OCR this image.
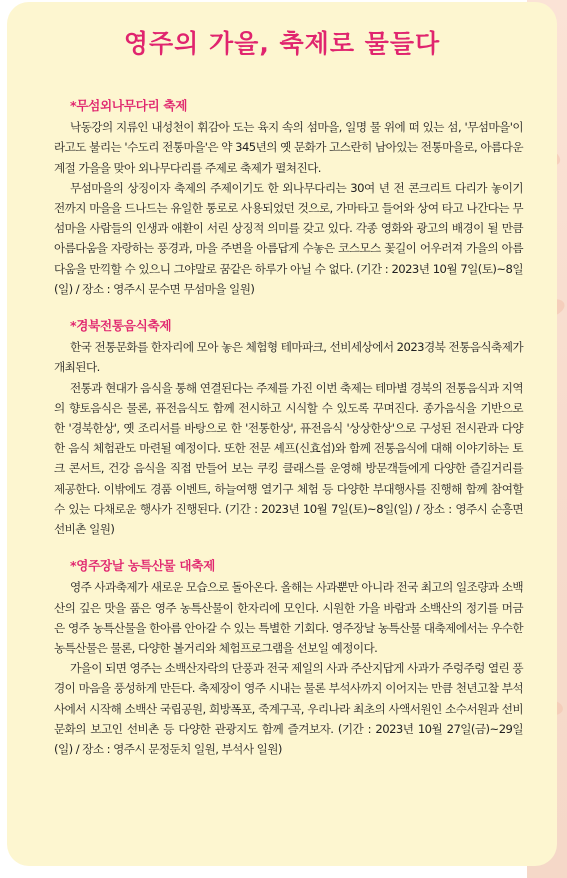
영주의 가을, 축제로 물들다
*무섬외나무다리 축제

낙동강의 지류인 내성천이 휘감아 도는 육지 속의 섬마을, 일명 물 위에 떠 있는 섬, '무섬마을'이라고도 불리는 '수도리 전통마을'은 약 345년의 옛 문화가 고스란히 남아있는 전통마을로, 아름다운 계절 가을을 맞아 외나무다리를 주제로 축제가 펼쳐진다.

무섬마을의 상징이자 축제의 주제이기도 한 외나무다리는 30여 년 전 콘크리트 다리가 놓이기 전까지 마을을 드나드는 유일한 통로로 사용되었던 것으로, 가마타고 들어와 상여 타고 나간다는 무섬마을 사람들의 인생과 애환이 서린 상징적 의미를 갖고 있다. 각종 영화와 광고의 배경이 될 만큼 아름다움을 자랑하는 풍경과, 마을 주변을 아름답게 수놓은 코스모스 꽃길이 어우러져 가을의 아름다움을 만끽할 수 있으니 그야말로 꿈같은 하루가 아닐 수 없다. (기간 : 2023년 10월 7일(토)~8일(일) / 장소 : 영주시 문수면 무섬마을 일원)

*경북전통음식축제

한국 전통문화를 한자리에 모아 놓은 체험형 테마파크, 선비세상에서 2023경북 전통음식축제가 개최된다.

전통과 현대가 음식을 통해 연결된다는 주제를 가진 이번 축제는 테마별 경북의 전통음식과 지역의 향토음식은 물론, 퓨전음식도 함께 전시하고 시식할 수 있도록 꾸며진다. 종가음식을 기반으로 한 '경북한상', 옛 조리서를 바탕으로 한 '전통한상', 퓨전음식 '상상한상'으로 구성된 전시관과 다양한 음식 체험관도 마련될 예정이다. 또한 전문 셰프(신효섭)와 함께 전통음식에 대해 이야기하는 토크 콘서트, 건강 음식을 직접 만들어 보는 쿠킹 클래스를 운영해 방문객들에게 다양한 즐길거리를 제공한다. 이밖에도 경품 이벤트, 하늘여행 열기구 체험 등 다양한 부대행사를 진행해 함께 참여할 수 있는 다채로운 행사가 진행된다. (기간 : 2023년 10월 7일(토)~8일(일) / 장소 : 영주시 순흥면 선비촌 일원)

*영주장날 농특산물 대축제

영주 사과축제가 새로운 모습으로 돌아온다. 올해는 사과뿐만 아니라 전국 최고의 일조량과 소백산의 깊은 맛을 품은 영주 농특산물이 한자리에 모인다. 시원한 가을 바람과 소백산의 정기를 머금은 영주 농특산물을 한아름 안아갈 수 있는 특별한 기회다. 영주장날 농특산물 대축제에서는 우수한 농특산물은 물론, 다양한 볼거리와 체험프로그램을 선보일 예정이다.

가을이 되면 영주는 소백산자락의 단풍과 전국 제일의 사과 주산지답게 사과가 주렁주렁 열린 풍경이 마음을 풍성하게 만든다. 축제장이 영주 시내는 물론 부석사까지 이어지는 만큼 천년고찰 부석사에서 시작해 소백산 국립공원, 희방폭포, 죽계구곡, 우리나라 최초의 사액서원인 소수서원과 선비문화의 보고인 선비촌 등 다양한 관광지도 함께 즐겨보자. (기간 : 2023년 10월 27일(금)~29일(일) / 장소 : 영주시 문정둔치 일원, 부석사 일원)
